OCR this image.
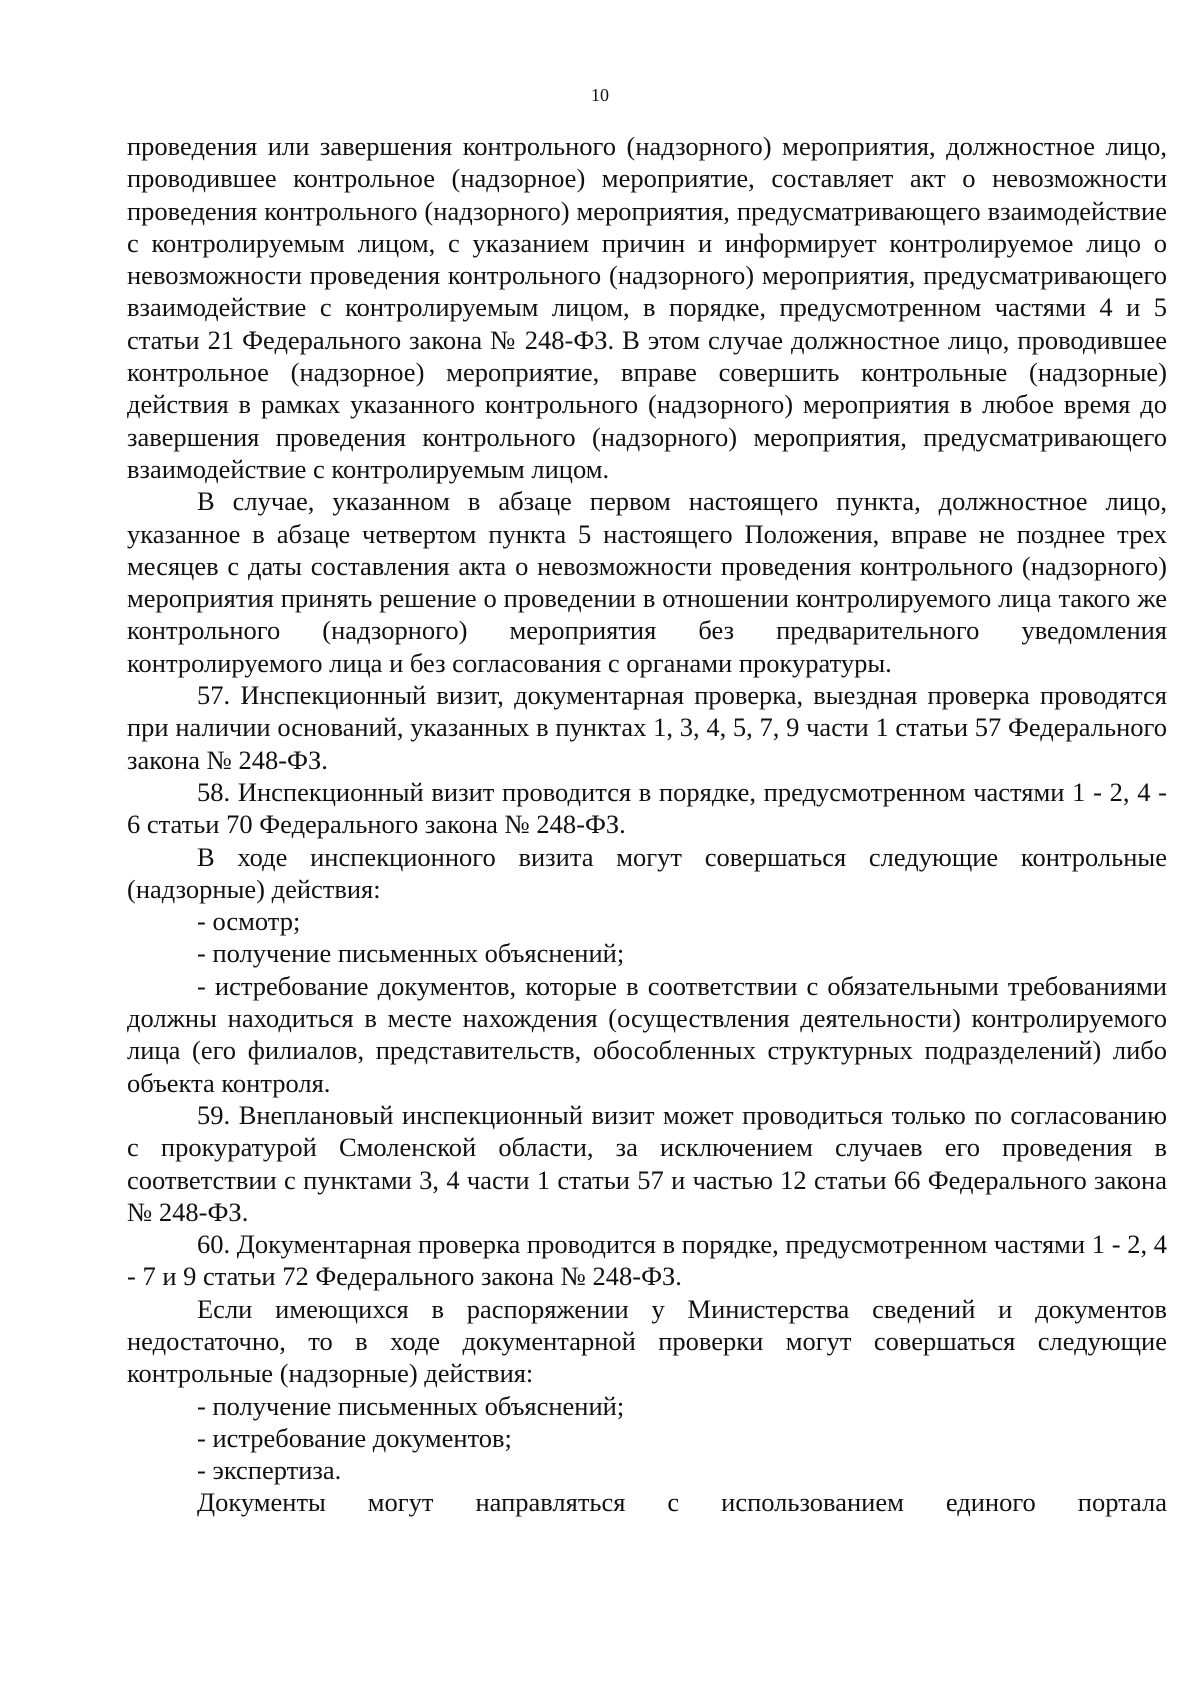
10

проведения или завершения контрольного (надзорного) мероприятия, должностное лицо, проводившее контрольное (надзорное) мероприятие, составляет акт о невозможности проведения контрольного (надзорного) мероприятия, предусматривающего взаимодействие с контролируемым лицом, с указанием причин и информирует контролируемое лицо о невозможности проведения контрольного (надзорного) мероприятия, предусматривающего взаимодействие с контролируемым лицом, в порядке, предусмотренном частями 4 и 5 статьи 21 Федерального закона № 248-ФЗ. В этом случае должностное лицо, проводившее контрольное (надзорное) мероприятие, вправе совершить контрольные (надзорные) действия в рамках указанного контрольного (надзорного) мероприятия в любое время до завершения проведения контрольного (надзорного) мероприятия, предусматривающего взаимодействие с контролируемым лицом.

В случае, указанном в абзаце первом настоящего пункта, должностное лицо, указанное в абзаце четвертом пункта 5 настоящего Положения, вправе не позднее трех месяцев с даты составления акта о невозможности проведения контрольного (надзорного) мероприятия принять решение о проведении в отношении контролируемого лица такого же контрольного (надзорного) мероприятия без предварительного уведомления контролируемого лица и без согласования с органами прокуратуры.

57. Инспекционный визит, документарная проверка, выездная проверка проводятся при наличии оснований, указанных в пунктах 1, 3, 4, 5, 7, 9 части 1 статьи 57 Федерального закона № 248-ФЗ.

58. Инспекционный визит проводится в порядке, предусмотренном частями 1 - 2, 4 - 6 статьи 70 Федерального закона № 248-ФЗ.

В ходе инспекционного визита могут совершаться следующие контрольные (надзорные) действия:

- осмотр;

- получение письменных объяснений;

- истребование документов, которые в соответствии с обязательными требованиями должны находиться в месте нахождения (осуществления деятельности) контролируемого лица (его филиалов, представительств, обособленных структурных подразделений) либо объекта контроля.

59. Внеплановый инспекционный визит может проводиться только по согласованию с прокуратурой Смоленской области, за исключением случаев его проведения в соответствии с пунктами 3, 4 части 1 статьи 57 и частью 12 статьи 66 Федерального закона № 248-ФЗ.

60. Документарная проверка проводится в порядке, предусмотренном частями 1 - 2, 4 - 7 и 9 статьи 72 Федерального закона № 248-ФЗ.

Если имеющихся в распоряжении у Министерства сведений и документов недостаточно, то в ходе документарной проверки могут совершаться следующие контрольные (надзорные) действия:

- получение письменных объяснений;

- истребование документов;

- экспертиза.

Документы могут направляться с использованием единого портала
